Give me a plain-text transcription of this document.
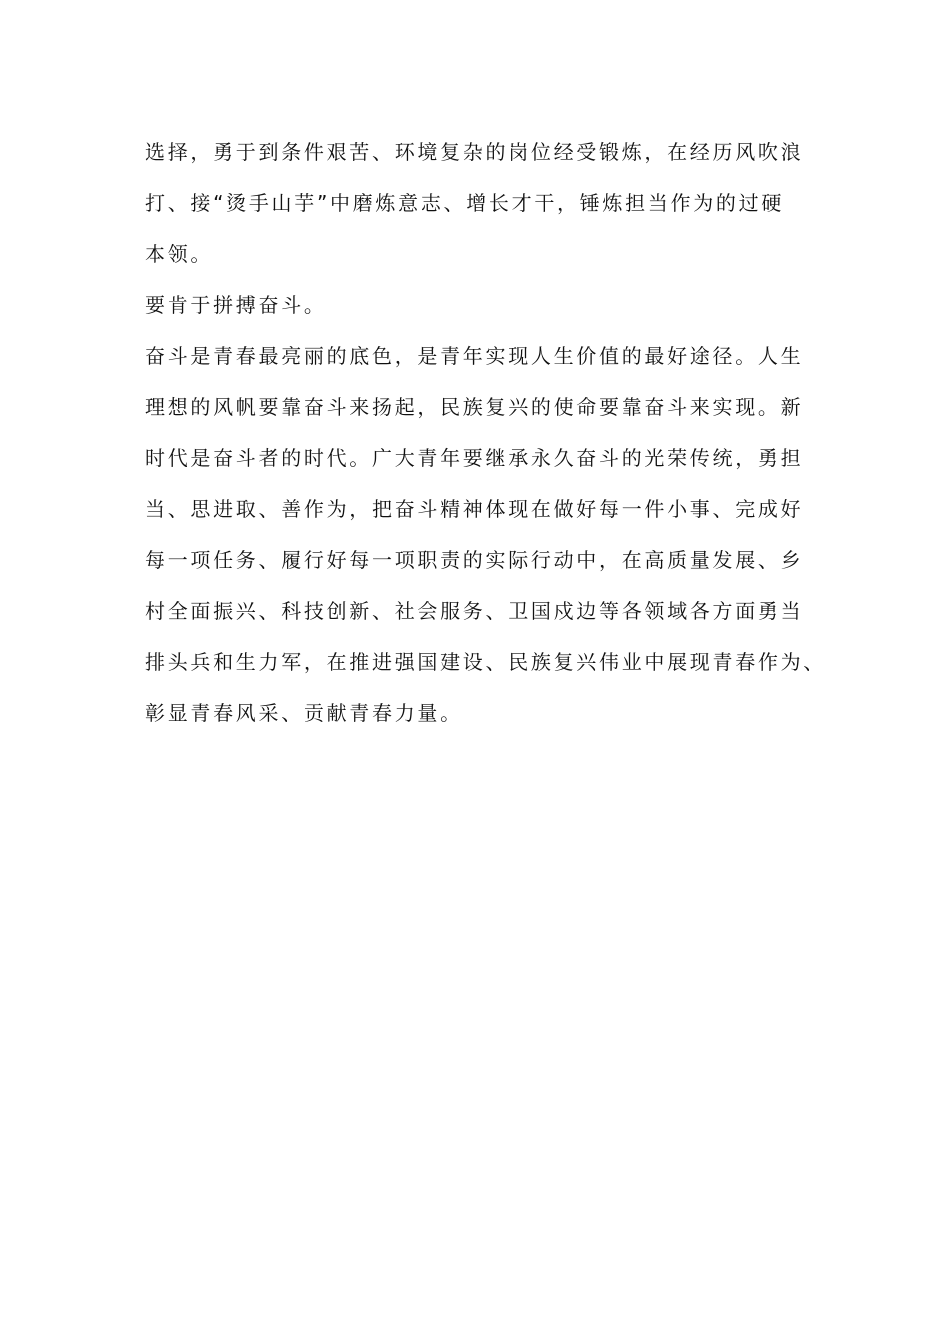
选择，勇于到条件艰苦、环境复杂的岗位经受锻炼，在经历风吹浪
打、接“烫手山芋”中磨炼意志、增长才干，锤炼担当作为的过硬
本领。
要肯于拼搏奋斗。
奋斗是青春最亮丽的底色，是青年实现人生价值的最好途径。人生
理想的风帆要靠奋斗来扬起，民族复兴的使命要靠奋斗来实现。新
时代是奋斗者的时代。广大青年要继承永久奋斗的光荣传统，勇担
当、思进取、善作为，把奋斗精神体现在做好每一件小事、完成好
每一项任务、履行好每一项职责的实际行动中，在高质量发展、乡
村全面振兴、科技创新、社会服务、卫国戍边等各领域各方面勇当
排头兵和生力军，在推进强国建设、民族复兴伟业中展现青春作为、
彰显青春风采、贡献青春力量。
